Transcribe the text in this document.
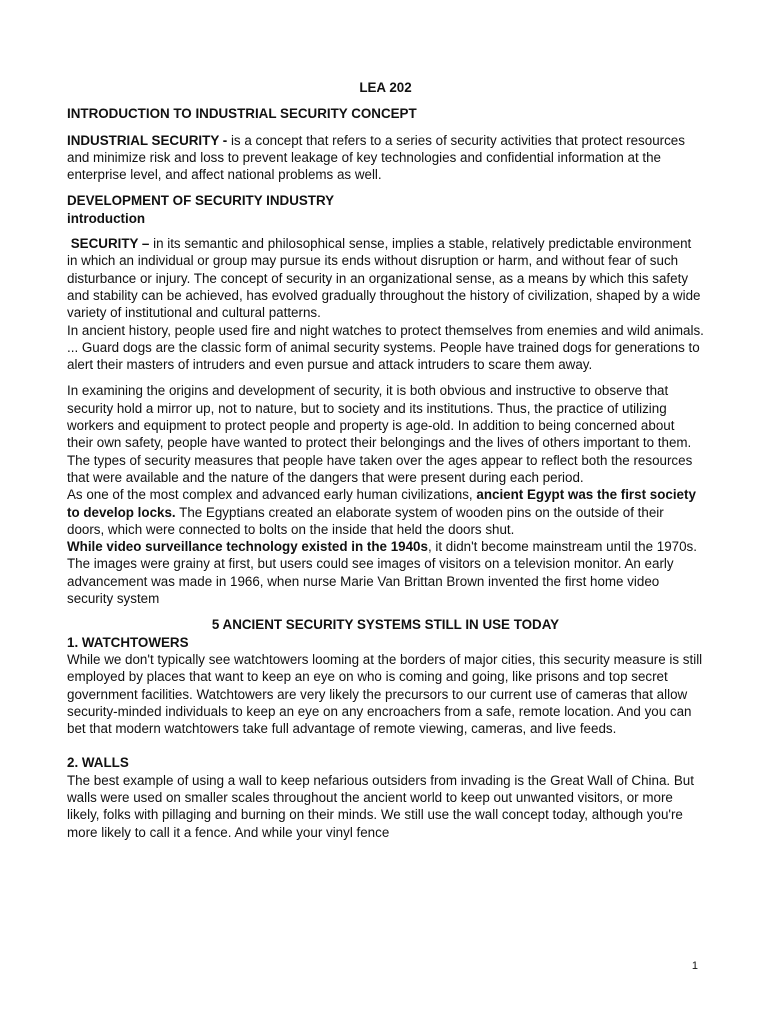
LEA 202

INTRODUCTION TO INDUSTRIAL SECURITY CONCEPT

INDUSTRIAL SECURITY - is a concept that refers to a series of security activities that protect resources and minimize risk and loss to prevent leakage of key technologies and confidential information at the enterprise level, and affect national problems as well.

DEVELOPMENT OF SECURITY INDUSTRY

introduction

SECURITY – in its semantic and philosophical sense, implies a stable, relatively predictable environment in which an individual or group may pursue its ends without disruption or harm, and without fear of such disturbance or injury. The concept of security in an organizational sense, as a means by which this safety and stability can be achieved, has evolved gradually throughout the history of civilization, shaped by a wide variety of institutional and cultural patterns.

In ancient history, people used fire and night watches to protect themselves from enemies and wild animals. ... Guard dogs are the classic form of animal security systems. People have trained dogs for generations to alert their masters of intruders and even pursue and attack intruders to scare them away.

In examining the origins and development of security, it is both obvious and instructive to observe that security hold a mirror up, not to nature, but to society and its institutions. Thus, the practice of utilizing workers and equipment to protect people and property is age-old. In addition to being concerned about their own safety, people have wanted to protect their belongings and the lives of others important to them. The types of security measures that people have taken over the ages appear to reflect both the resources that were available and the nature of the dangers that were present during each period.

As one of the most complex and advanced early human civilizations, ancient Egypt was the first society to develop locks. The Egyptians created an elaborate system of wooden pins on the outside of their doors, which were connected to bolts on the inside that held the doors shut.

While video surveillance technology existed in the 1940s, it didn't become mainstream until the 1970s. The images were grainy at first, but users could see images of visitors on a television monitor. An early advancement was made in 1966, when nurse Marie Van Brittan Brown invented the first home video security system

5 ANCIENT SECURITY SYSTEMS STILL IN USE TODAY

1. WATCHTOWERS

While we don't typically see watchtowers looming at the borders of major cities, this security measure is still employed by places that want to keep an eye on who is coming and going, like prisons and top secret government facilities. Watchtowers are very likely the precursors to our current use of cameras that allow security-minded individuals to keep an eye on any encroachers from a safe, remote location. And you can bet that modern watchtowers take full advantage of remote viewing, cameras, and live feeds.

2. WALLS

The best example of using a wall to keep nefarious outsiders from invading is the Great Wall of China. But walls were used on smaller scales throughout the ancient world to keep out unwanted visitors, or more likely, folks with pillaging and burning on their minds. We still use the wall concept today, although you're more likely to call it a fence. And while your vinyl fence

1
